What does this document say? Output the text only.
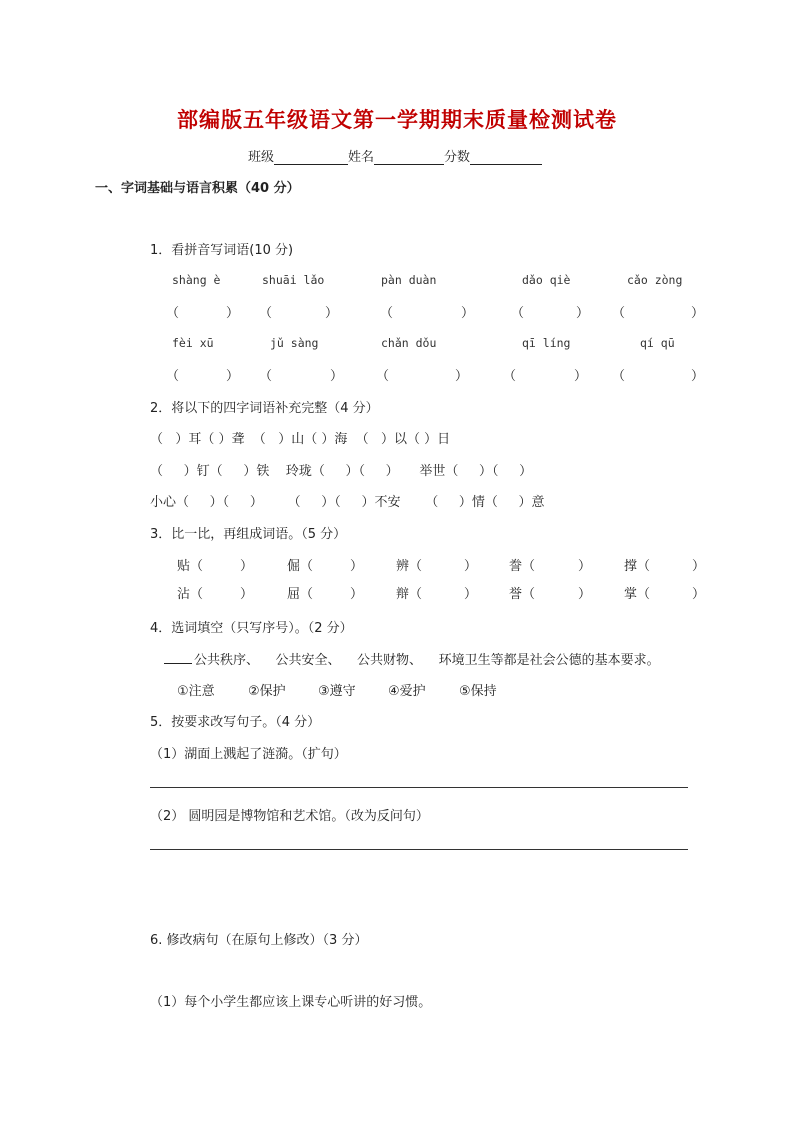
部编版五年级语文第一学期期末质量检测试卷
班级	姓名	分数
一、字词基础与语言积累（40 分）
1．看拼音写词语(10 分)
shàng è	shuāi lǎo	pàn duàn	dǎo qiè	cǎo zòng
（	） （	）	（	）	（	） （	）
fèi xū	jǔ sàng	chǎn dǒu	qī líng	qí qū
（	） （	）	（	）	（	） （	）
2．将以下的四字词语补充完整（4 分）
（   ）耳（ ）聋  （   ）山（ ）海  （   ）以（ ）日
（     ）钉（     ）铁    玲珑（     ）（     ）     举世（     ）（     ）
小心（     ）（     ）      （     ）（     ）不安      （     ）情（     ）意
3．比一比，再组成词语。（5 分）
贴（	）	倔（	）	辨（	） 誊（	）	撑（	）
沾（	）	屈（	）	辩（	） 誉（	）	掌（	）
4．选词填空（只写序号）。（2 分）
公共秩序、    公共安全、    公共财物、    环境卫生等都是社会公德的基本要求。
①注意	②保护 ③遵守 ④爱护	⑤保持
5．按要求改写句子。（4 分）
（1）湖面上溅起了涟漪。（扩句）
（2） 圆明园是博物馆和艺术馆。（改为反问句）
6. 修改病句（在原句上修改）（3 分）
（1）每个小学生都应该上课专心听讲的好习惯。
